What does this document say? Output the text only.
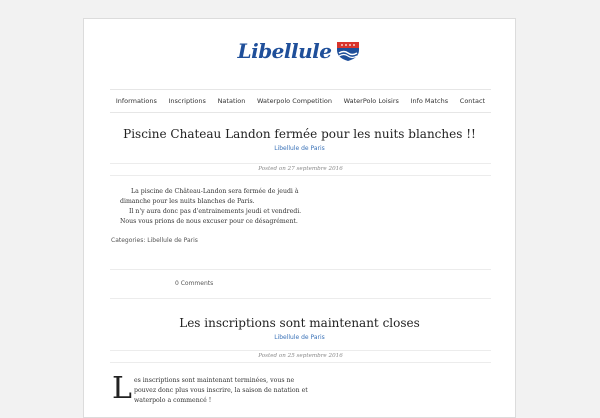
Libellule
Informations Inscriptions Natation Waterpolo Competition WaterPolo Loisirs Info Matchs Contact
Piscine Chateau Landon fermée pour les nuits blanches !!
Libellule de Paris
Posted on 27 septembre 2016

La piscine de Château-Landon sera fermée de jeudi à

dimanche pour les nuits blanches de Paris.

Il n'y aura donc pas d'entrainements jeudi et vendredi.

Nous vous prions de nous excuser pour ce désagrément.

Categories: Libellule de Paris
0 Comments
Les inscriptions sont maintenant closes
Libellule de Paris
Posted on 25 septembre 2016
L es inscriptions sont maintenant terminées, vous ne

pouvez donc plus vous inscrire, la saison de natation et

waterpolo a commencé !
